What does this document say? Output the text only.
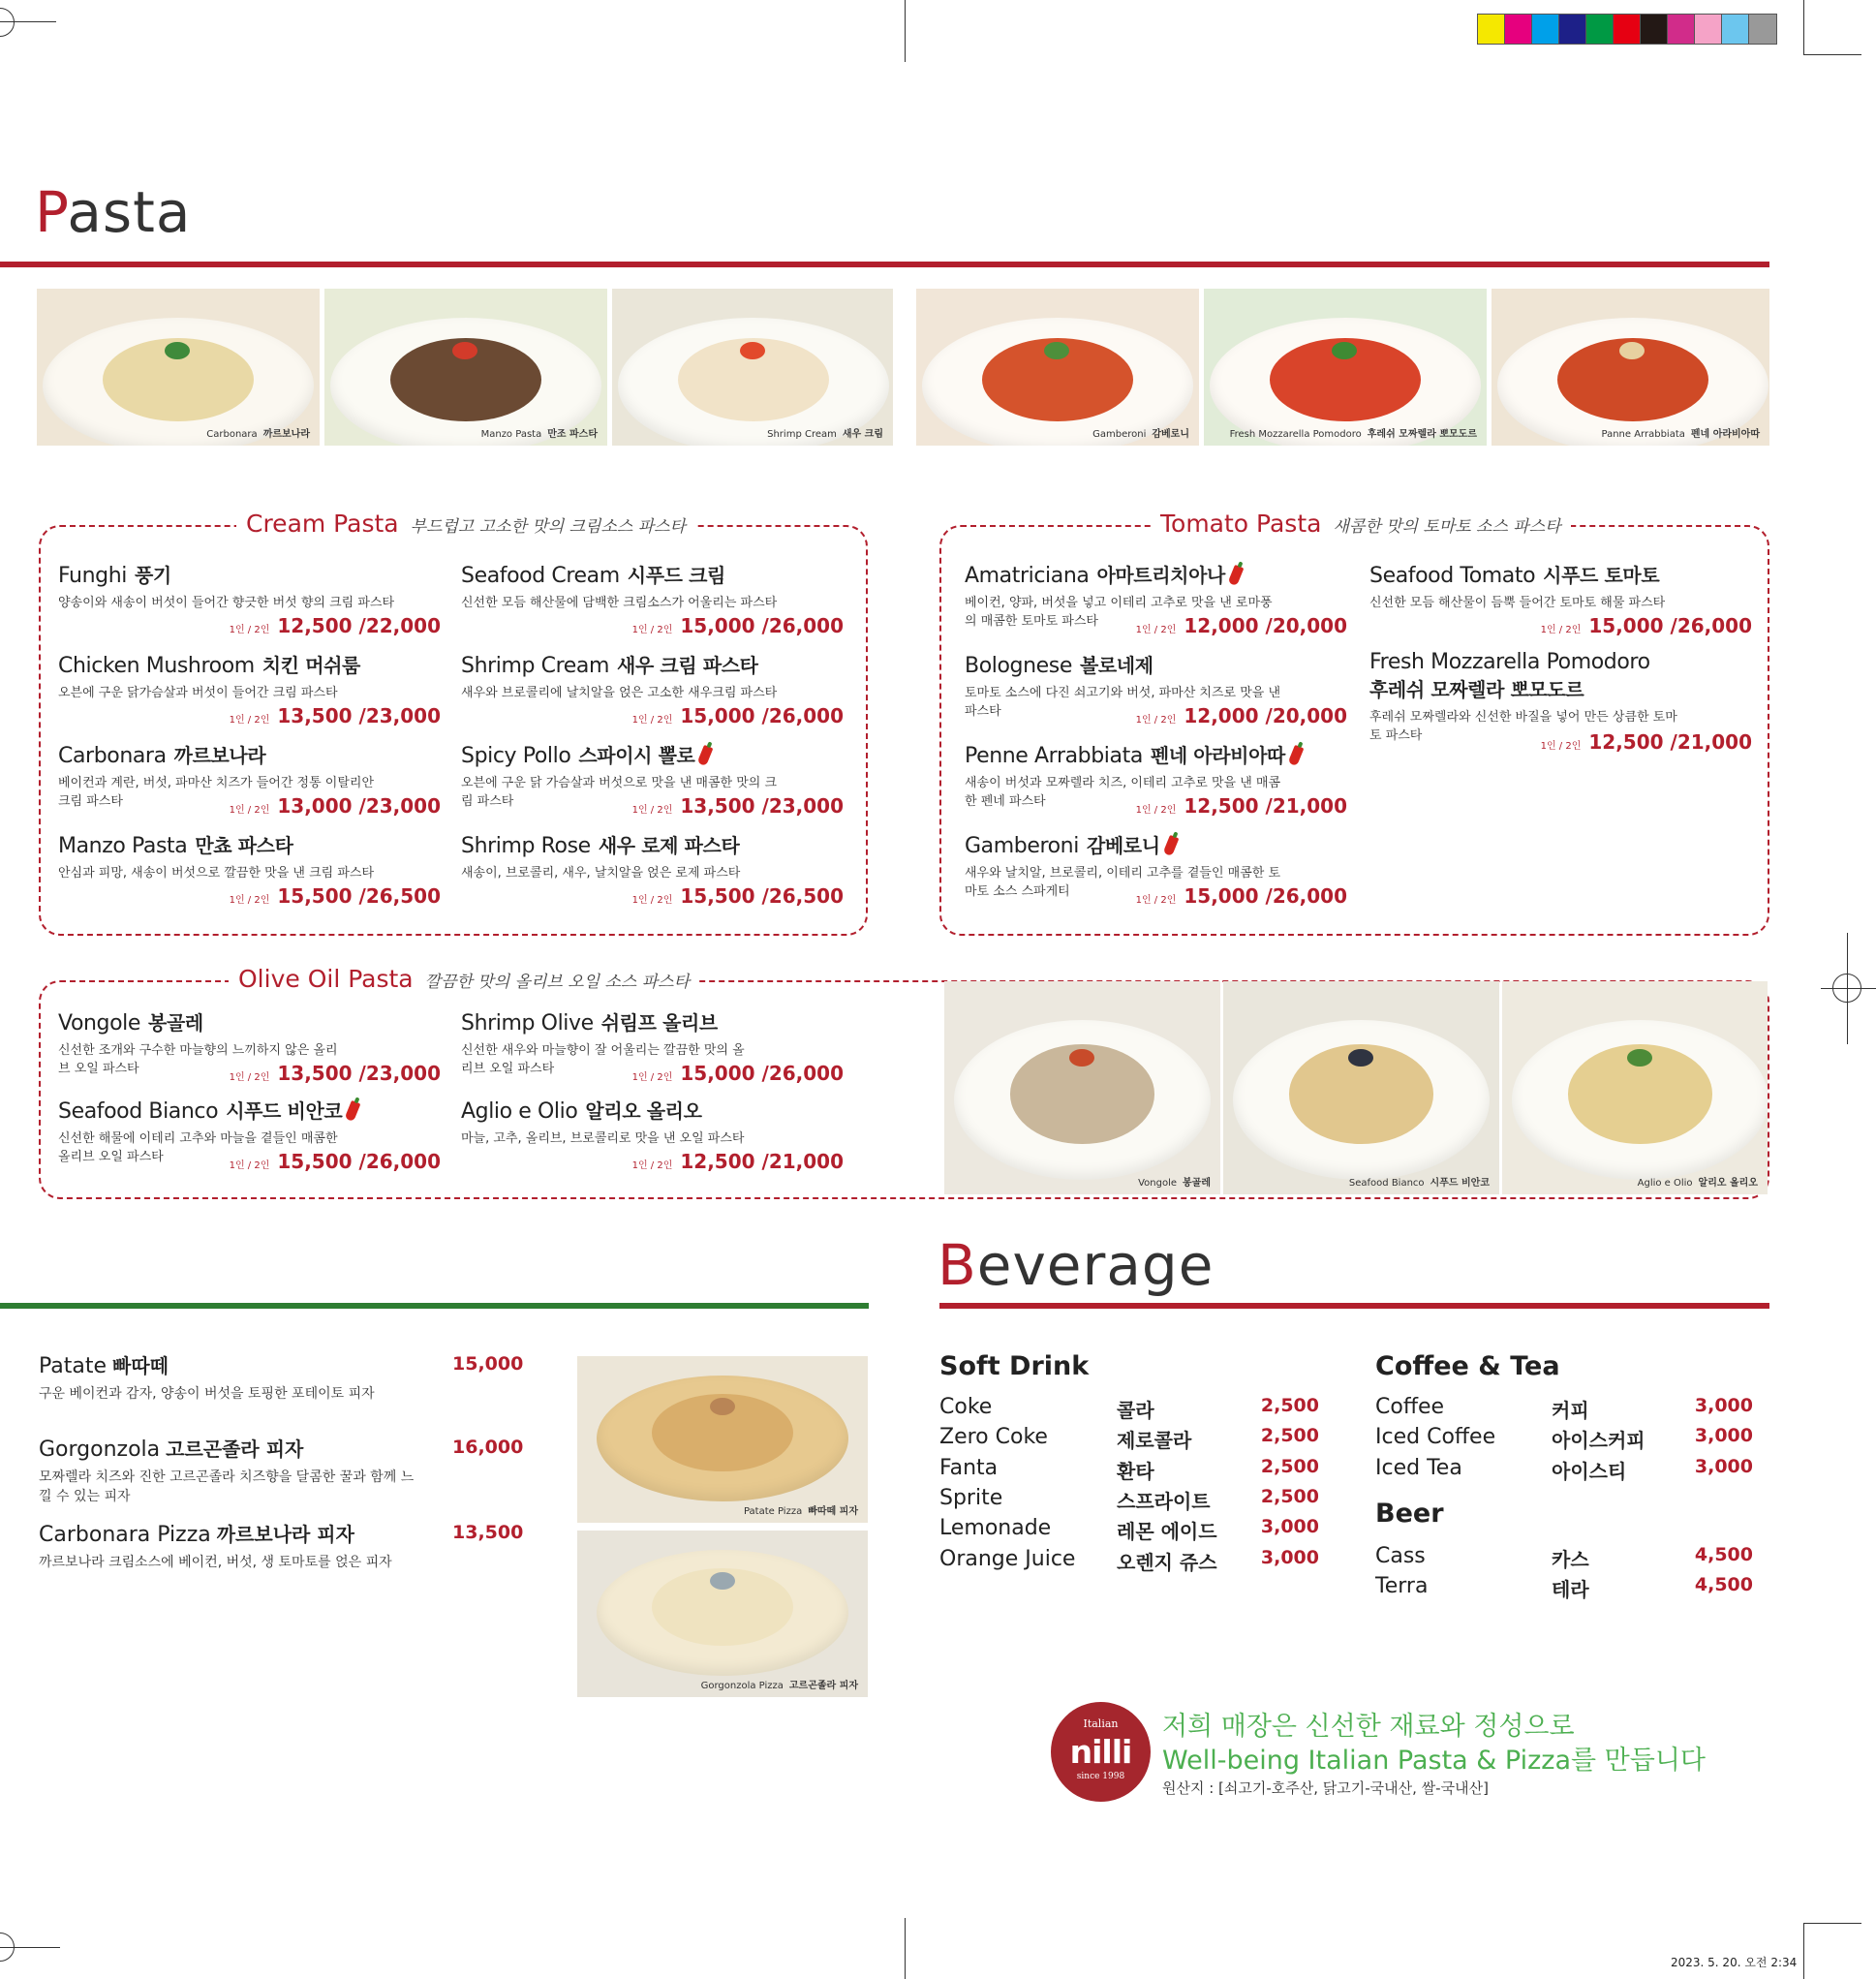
Pasta
Carbonara 까르보나라	Manzo Pasta 만조 파스타	Shrimp Cream 새우 크림	Gamberoni 감베로니	Fresh Mozzarella Pomodoro 후레쉬 모짜렐라 뽀모도르	Panne Arrabbiata 펜네 아라비아따
Cream Pasta 부드럽고 고소한 맛의 크림소스 파스타
Funghi 풍기
양송이와 새송이 버섯이 들어간 향긋한 버섯 향의 크림 파스타
1인 / 2인 12,500 /22,000
Chicken Mushroom 치킨 머쉬룸
오븐에 구운 닭가슴살과 버섯이 들어간 크림 파스타
1인 / 2인 13,500 /23,000
Carbonara 까르보나라
베이컨과 계란, 버섯, 파마산 치즈가 들어간 정통 이탈리안 크림 파스타
1인 / 2인 13,000 /23,000
Manzo Pasta 만쵸 파스타
안심과 피망, 새송이 버섯으로 깔끔한 맛을 낸 크림 파스타
1인 / 2인 15,500 /26,500
Seafood Cream 시푸드 크림
신선한 모듬 해산물에 담백한 크림소스가 어울리는 파스타
1인 / 2인 15,000 /26,000
Shrimp Cream 새우 크림 파스타
새우와 브로콜리에 날치알을 얹은 고소한 새우크림 파스타
1인 / 2인 15,000 /26,000
Spicy Pollo 스파이시 뽈로
오븐에 구운 닭 가슴살과 버섯으로 맛을 낸 매콤한 맛의 크림 파스타
1인 / 2인 13,500 /23,000
Shrimp Rose 새우 로제 파스타
새송이, 브로콜리, 새우, 날치알을 얹은 로제 파스타
1인 / 2인 15,500 /26,500
Tomato Pasta 새콤한 맛의 토마토 소스 파스타
Amatriciana 아마트리치아나
베이컨, 양파, 버섯을 넣고 이테리 고추로 맛을 낸 로마풍의 매콤한 토마토 파스타
1인 / 2인 12,000 /20,000
Bolognese 볼로네제
토마토 소스에 다진 쇠고기와 버섯, 파마산 치즈로 맛을 낸 파스타
1인 / 2인 12,000 /20,000
Penne Arrabbiata 펜네 아라비아따
새송이 버섯과 모짜렐라 치즈, 이테리 고추로 맛을 낸 매콤한 펜네 파스타
1인 / 2인 12,500 /21,000
Gamberoni 감베로니
새우와 날치알, 브로콜리, 이테리 고추를 곁들인 매콤한 토마토 소스 스파게티
1인 / 2인 15,000 /26,000
Seafood Tomato 시푸드 토마토
신선한 모듬 해산물이 듬뿍 들어간 토마토 해물 파스타
1인 / 2인 15,000 /26,000
Fresh Mozzarella Pomodoro
후레쉬 모짜렐라 뽀모도르
후레쉬 모짜렐라와 신선한 바질을 넣어 만든 상큼한 토마토 파스타
1인 / 2인 12,500 /21,000
Olive Oil Pasta 깔끔한 맛의 올리브 오일 소스 파스타
Vongole 봉골레
신선한 조개와 구수한 마늘향의 느끼하지 않은 올리브 오일 파스타
1인 / 2인 13,500 /23,000
Seafood Bianco 시푸드 비안코
신선한 해물에 이테리 고추와 마늘을 곁들인 매콤한 올리브 오일 파스타
1인 / 2인 15,500 /26,000
Shrimp Olive 쉬림프 올리브
신선한 새우와 마늘향이 잘 어울리는 깔끔한 맛의 올리브 오일 파스타
1인 / 2인 15,000 /26,000
Aglio e Olio 알리오 올리오
마늘, 고추, 올리브, 브로콜리로 맛을 낸 오일 파스타
1인 / 2인 12,500 /21,000
Vongole 봉골레	Seafood Bianco 시푸드 비안코	Aglio e Olio 알리오 올리오
Patate 빠따떼
구운 베이컨과 감자, 양송이 버섯을 토핑한 포테이토 피자
15,000
Gorgonzola 고르곤졸라 피자
모짜렐라 치즈와 진한 고르곤졸라 치즈향을 달콤한 꿀과 함께 느낄 수 있는 피자
16,000
Carbonara Pizza 까르보나라 피자
까르보나라 크림소스에 베이컨, 버섯, 생 토마토를 얹은 피자
13,500
Patate Pizza 빠따떼 피자
Gorgonzola Pizza 고르곤졸라 피자
Beverage
Soft Drink	Coffee & Tea
Beer
Coke	콜라	2,500
Zero Coke	제로콜라	2,500
Fanta	환타	2,500
Sprite	스프라이트	2,500
Lemonade	레몬 에이드 3,000
Orange Juice 오렌지 쥬스 3,000
Coffee	커피	3,000
Iced Coffee	아이스커피	3,000
Iced Tea	아이스티	3,000
Cass	카스	4,500
Terra	테라	4,500
Italian
nilli
since 1998
저희 매장은 신선한 재료와 정성으로
Well-being Italian Pasta & Pizza를 만듭니다
원산지 : [쇠고기-호주산, 닭고기-국내산, 쌀-국내산]
2023. 5. 20. 오전 2:34
